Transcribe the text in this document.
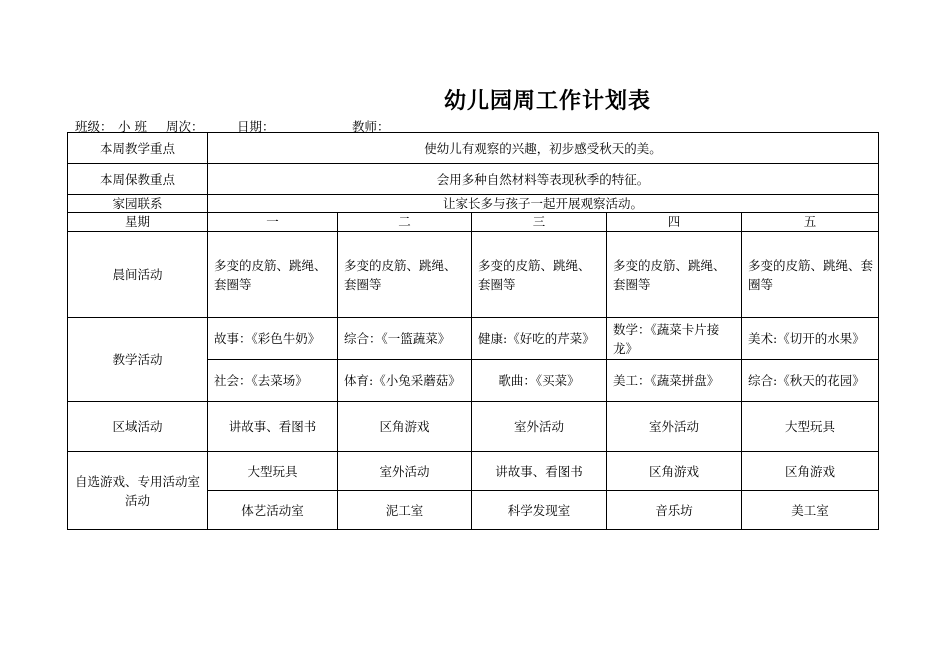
幼儿园周工作计划表
班级： 小 班 周次：	日期：	教师：
本周教学重点	使幼儿有观察的兴趣，初步感受秋天的美。				
本周保教重点	会用多种自然材料等表现秋季的特征。				
家园联系	让家长多与孩子一起开展观察活动。				
星期	一	二	三	四	五
晨间活动	多变的皮筋、跳绳、套圈等	多变的皮筋、跳绳、套圈等	多变的皮筋、跳绳、套圈等	多变的皮筋、跳绳、套圈等	多变的皮筋、跳绳、套圈等
教学活动	故事：《彩色牛奶》	综合：《一篮蔬菜》	健康:《好吃的芹菜》	数学：《蔬菜卡片接龙》	美术:《切开的水果》
	社会：《去菜场》	体育:《小兔采蘑菇》	歌曲：《买菜》	美工：《蔬菜拼盘》	综合:《秋天的花园》
区域活动	讲故事、看图书	区角游戏	室外活动	室外活动	大型玩具
自选游戏、专用活动室活动	大型玩具	室外活动	讲故事、看图书	区角游戏	区角游戏
	体艺活动室	泥工室	科学发现室	音乐坊	美工室
